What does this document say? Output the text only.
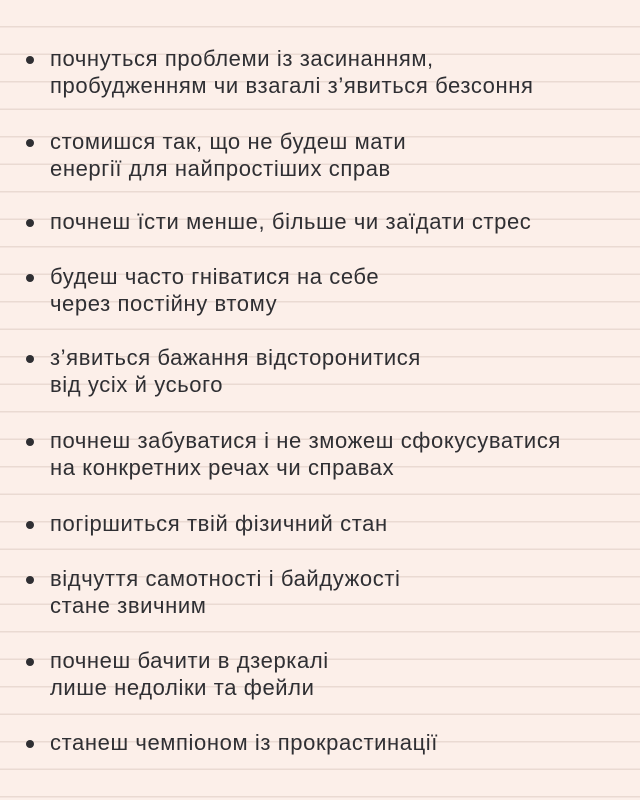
почнуться проблеми із засинанням,
пробудженням чи взагалі з’явиться безсоння
стомишся так, що не будеш мати
енергії для найпростіших справ
почнеш їсти менше, більше чи заїдати стрес
будеш часто гніватися на себе
через постійну втому
з’явиться бажання відсторонитися
від усіх й усього
почнеш забуватися і не зможеш сфокусуватися
на конкретних речах чи справах
погіршиться твій фізичний стан
відчуття самотності і байдужості
стане звичним
почнеш бачити в дзеркалі
лише недоліки та фейли
станеш чемпіоном із прокрастинації
